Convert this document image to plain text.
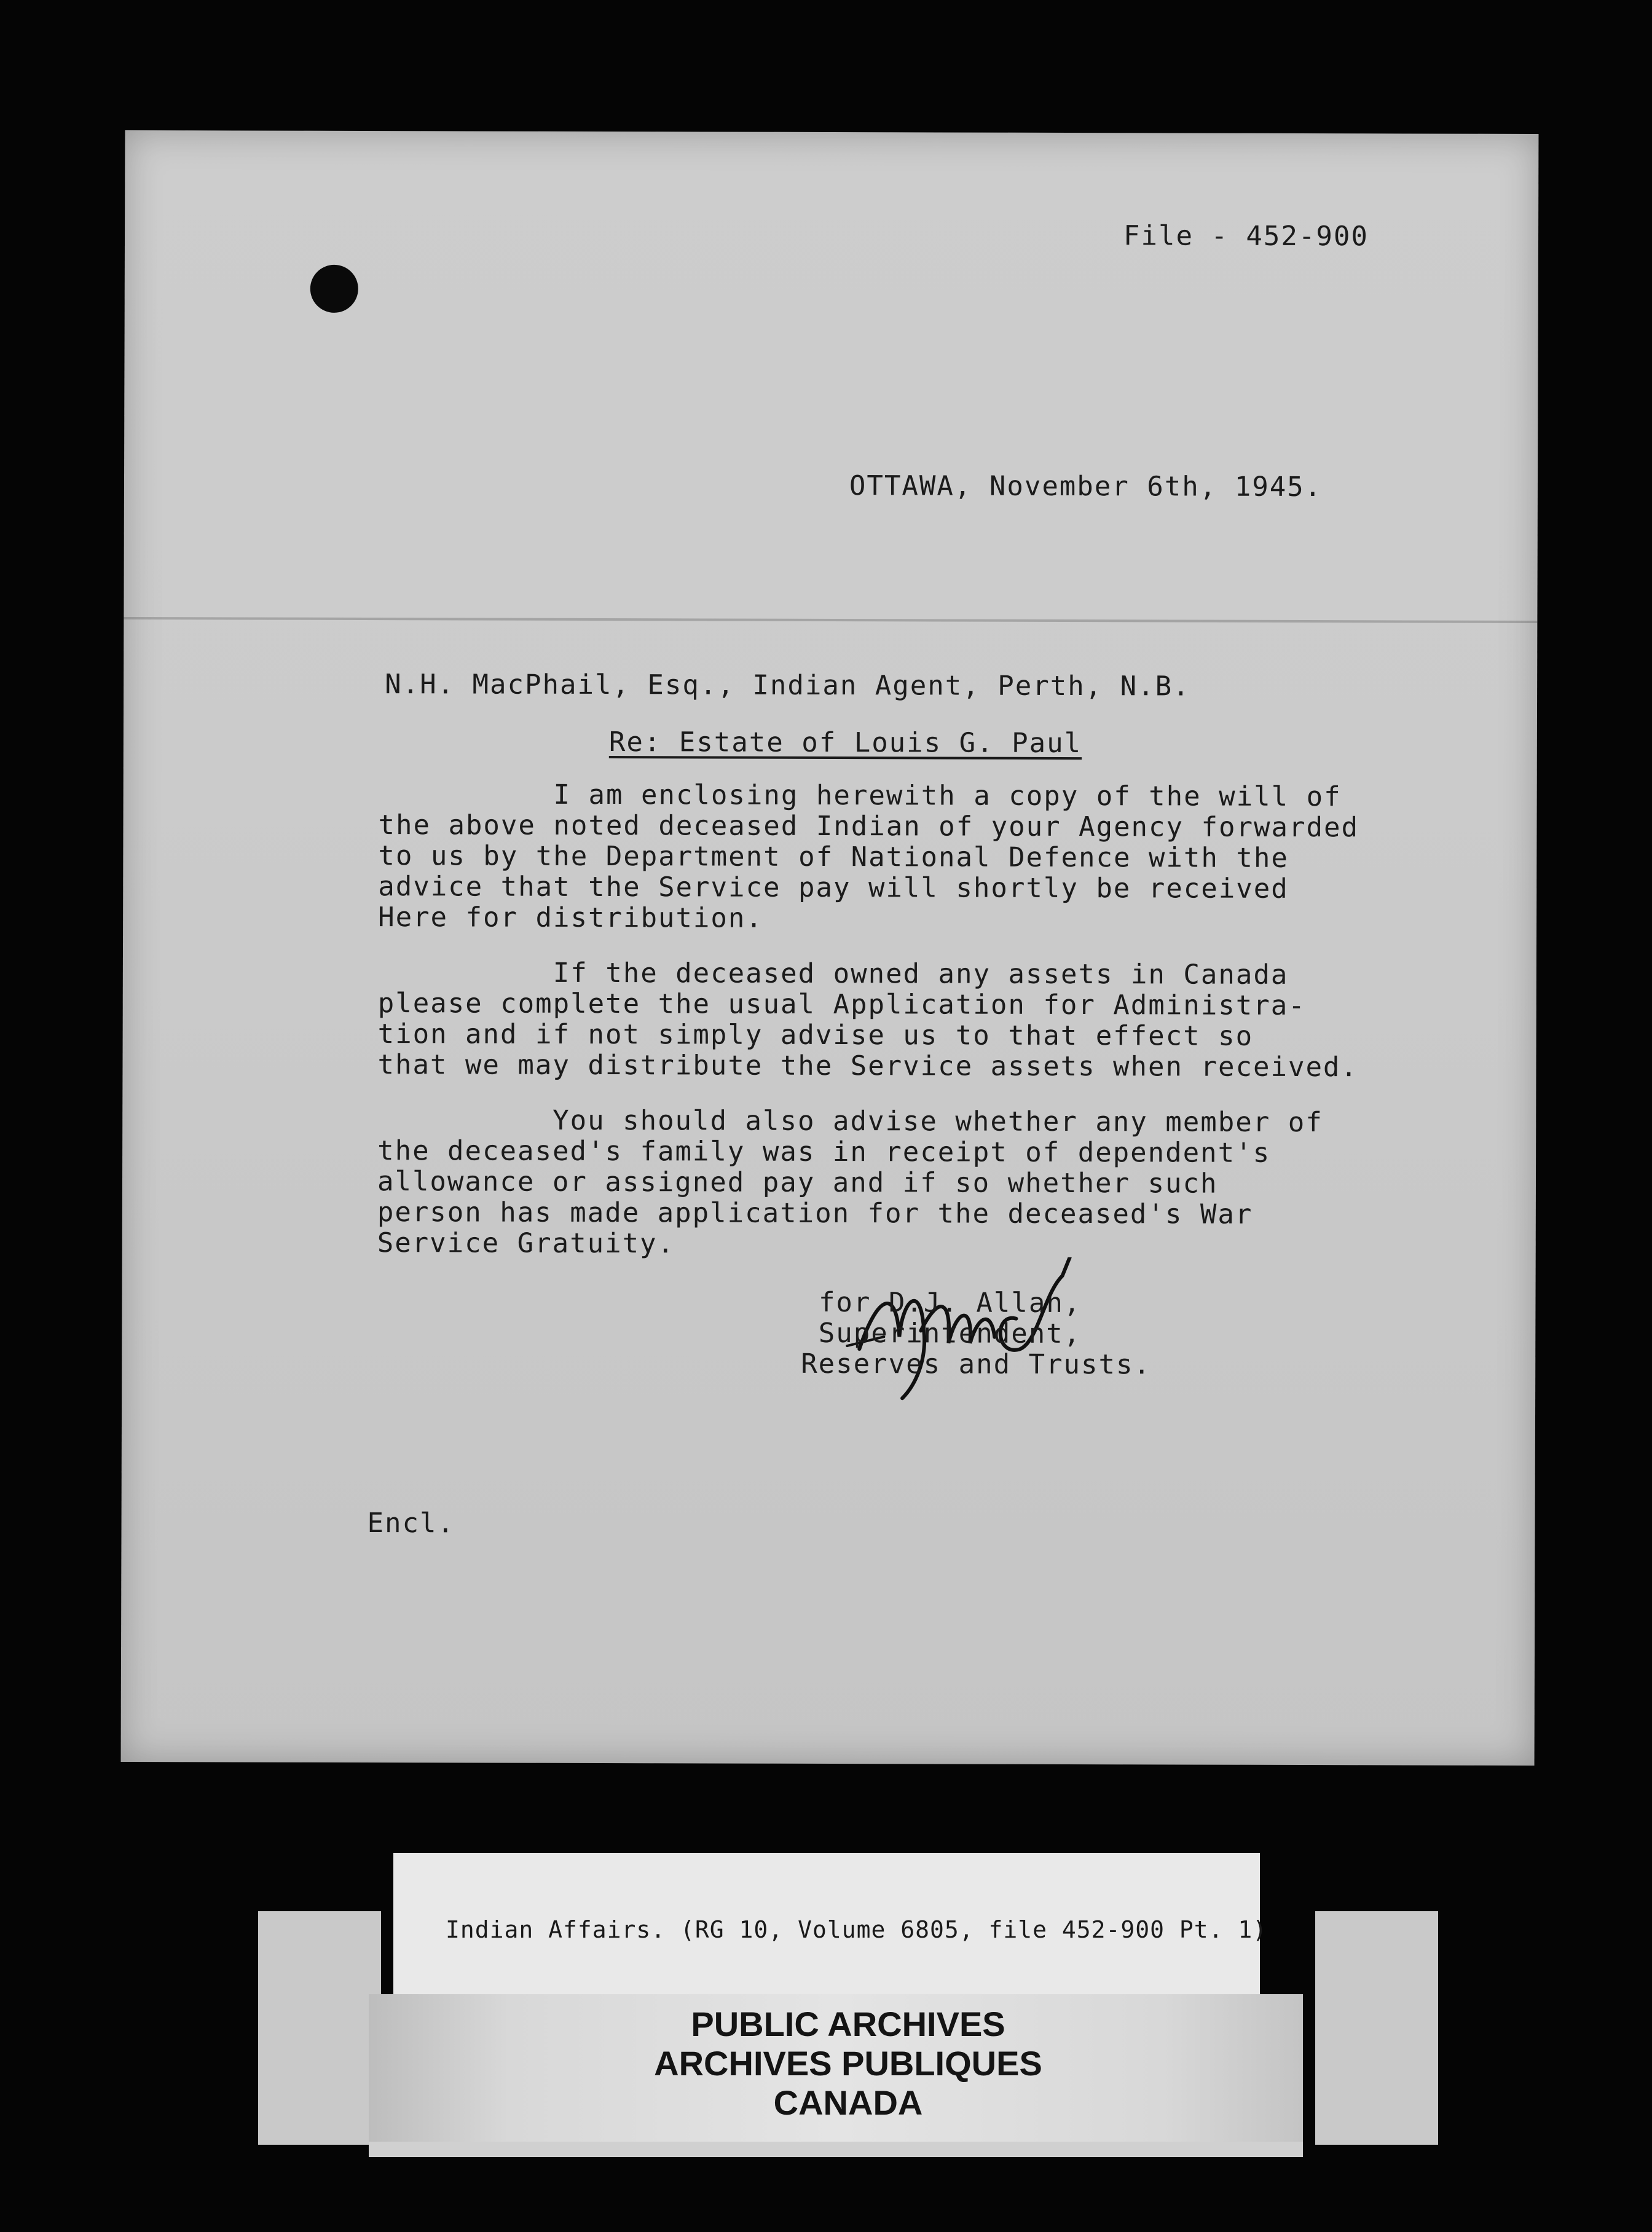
File - 452-900

OTTAWA, November 6th, 1945.

N.H. MacPhail, Esq., Indian Agent, Perth, N.B.

Re: Estate of Louis G. Paul

I am enclosing herewith a copy of the will of
the above noted deceased Indian of your Agency forwarded
to us by the Department of National Defence with the
advice that the Service pay will shortly be received
Here for distribution.

If the deceased owned any assets in Canada
please complete the usual Application for Administra-
tion and if not simply advise us to that effect so
that we may distribute the Service assets when received.

You should also advise whether any member of
the deceased's family was in receipt of dependent's
allowance or assigned pay and if so whether such
person has made application for the deceased's War
Service Gratuity.

for D.J. Allan,
Superintendent,
Reserves and Trusts.

Encl.

Indian Affairs. (RG 10, Volume 6805, file 452-900 Pt. 1)

PUBLIC ARCHIVES
ARCHIVES PUBLIQUES
CANADA
